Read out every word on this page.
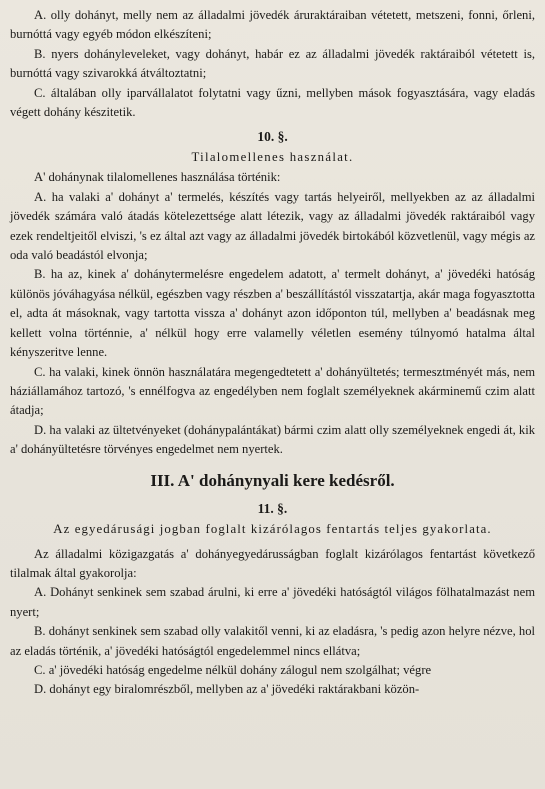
A. olly dohányt, melly nem az álladalmi jövedék áruraktáraiban vétetett, metszeni, fonni, őrleni, burnóttá vagy egyéb módon elkészíteni;

B. nyers dohányleveleket, vagy dohányt, habár ez az álladalmi jövedék raktáraiból vétetett is, burnóttá vagy szivarokká átváltoztatni;

C. általában olly iparvállalatot folytatni vagy űzni, mellyben mások fogyasztására, vagy eladás végett dohány készitetik.

10. §.

Tilalomellenes használat.

A' dohánynak tilalomellenes használása történik:

A. ha valaki a' dohányt a' termelés, készítés vagy tartás helyeiről, mellyekben az az álladalmi jövedék számára való átadás kötelezettsége alatt létezik, vagy az álladalmi jövedék raktáraiból vagy ezek rendeltjeitől elviszi, 's ez által azt vagy az álladalmi jövedék birtokából közvetlenül, vagy mégis az oda való beadástól elvonja;

B. ha az, kinek a' dohánytermelésre engedelem adatott, a' termelt dohányt, a' jövedéki hatóság különös jóváhagyása nélkül, egészben vagy részben a' beszállítástól visszatartja, akár maga fogyasztotta el, adta át másoknak, vagy tartotta vissza a' dohányt azon időponton túl, mellyben a' beadásnak meg kellett volna történnie, a' nélkül hogy erre valamelly véletlen esemény túlnyomó hatalma által kényszeritve lenne.

C. ha valaki, kinek önnön használatára megengedtetett a' dohányültetés; termesztményét más, nem háziállamához tartozó, 's ennélfogva az engedélyben nem foglalt személyeknek akárminemű czim alatt átadja;

D. ha valaki az ültetvényeket (dohánypalántákat) bármi czim alatt olly személyeknek engedi át, kik a' dohányültetésre törvényes engedelmet nem nyertek.

III. A' dohánynyali kere kedésről.

11. §.

Az egyedárusági jogban foglalt kizárólagos fentartás teljes gyakorlata.

Az álladalmi közigazgatás a' dohányegyedárusságban foglalt kizárólagos fentartást következő tilalmak által gyakorolja:

A. Dohányt senkinek sem szabad árulni, ki erre a' jövedéki hatóságtól világos fölhatalmazást nem nyert;

B. dohányt senkinek sem szabad olly valakitől venni, ki az eladásra, 's pedig azon helyre nézve, hol az eladás történik, a' jövedéki hatóságtól engedelemmel nincs ellátva;

C. a' jövedéki hatóság engedelme nélkül dohány zálogul nem szolgálhat; végre

D. dohányt egy biralomrészből, mellyben az a' jövedéki raktárakbani közön-
